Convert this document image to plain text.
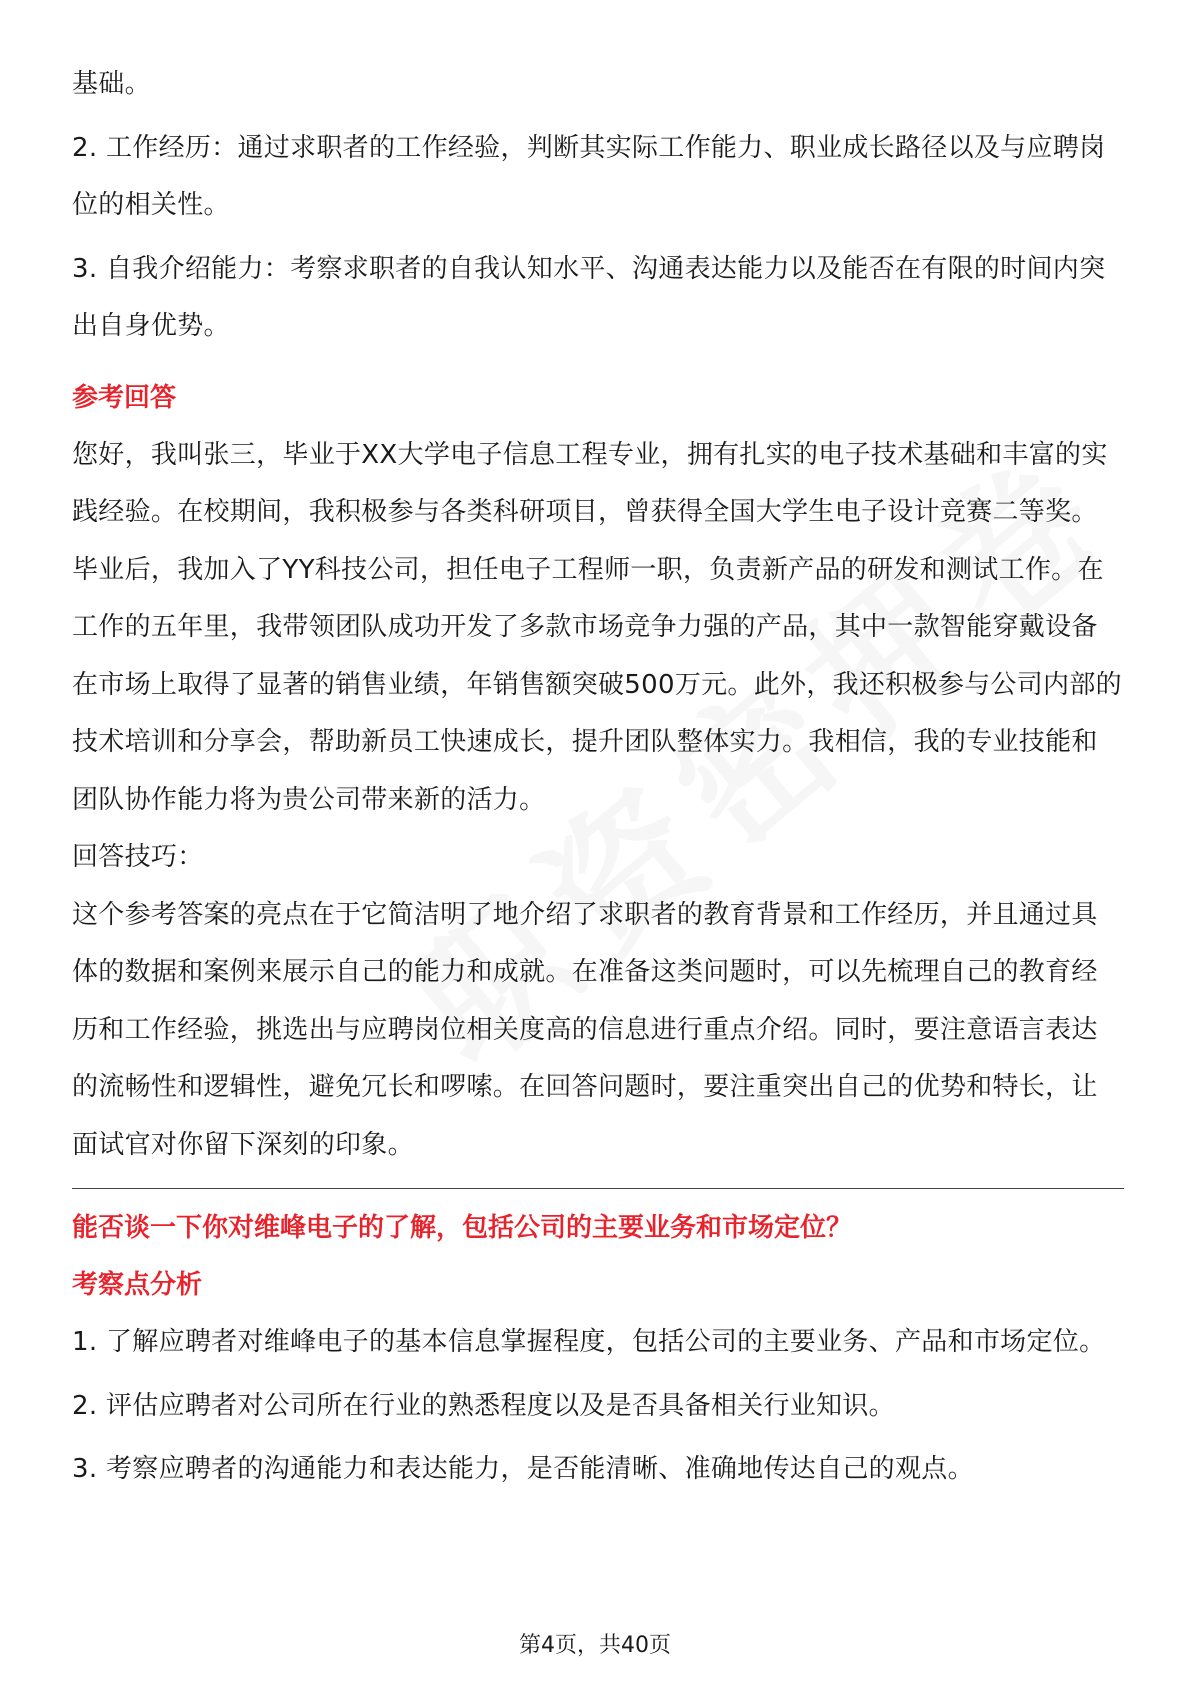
基础。

2. 工作经历：通过求职者的工作经验，判断其实际工作能力、职业成长路径以及与应聘岗位的相关性。

3. 自我介绍能力：考察求职者的自我认知水平、沟通表达能力以及能否在有限的时间内突出自身优势。

参考回答

您好，我叫张三，毕业于XX大学电子信息工程专业，拥有扎实的电子技术基础和丰富的实践经验。在校期间，我积极参与各类科研项目，曾获得全国大学生电子设计竞赛二等奖。毕业后，我加入了YY科技公司，担任电子工程师一职，负责新产品的研发和测试工作。在工作的五年里，我带领团队成功开发了多款市场竞争力强的产品，其中一款智能穿戴设备在市场上取得了显著的销售业绩，年销售额突破500万元。此外，我还积极参与公司内部的技术培训和分享会，帮助新员工快速成长，提升团队整体实力。我相信，我的专业技能和团队协作能力将为贵公司带来新的活力。

回答技巧：

这个参考答案的亮点在于它简洁明了地介绍了求职者的教育背景和工作经历，并且通过具体的数据和案例来展示自己的能力和成就。在准备这类问题时，可以先梳理自己的教育经历和工作经验，挑选出与应聘岗位相关度高的信息进行重点介绍。同时，要注意语言表达的流畅性和逻辑性，避免冗长和啰嗦。在回答问题时，要注重突出自己的优势和特长，让面试官对你留下深刻的印象。

能否谈一下你对维峰电子的了解，包括公司的主要业务和市场定位？

考察点分析

1. 了解应聘者对维峰电子的基本信息掌握程度，包括公司的主要业务、产品和市场定位。

2. 评估应聘者对公司所在行业的熟悉程度以及是否具备相关行业知识。

3. 考察应聘者的沟通能力和表达能力，是否能清晰、准确地传达自己的观点。

第4页，共40页
